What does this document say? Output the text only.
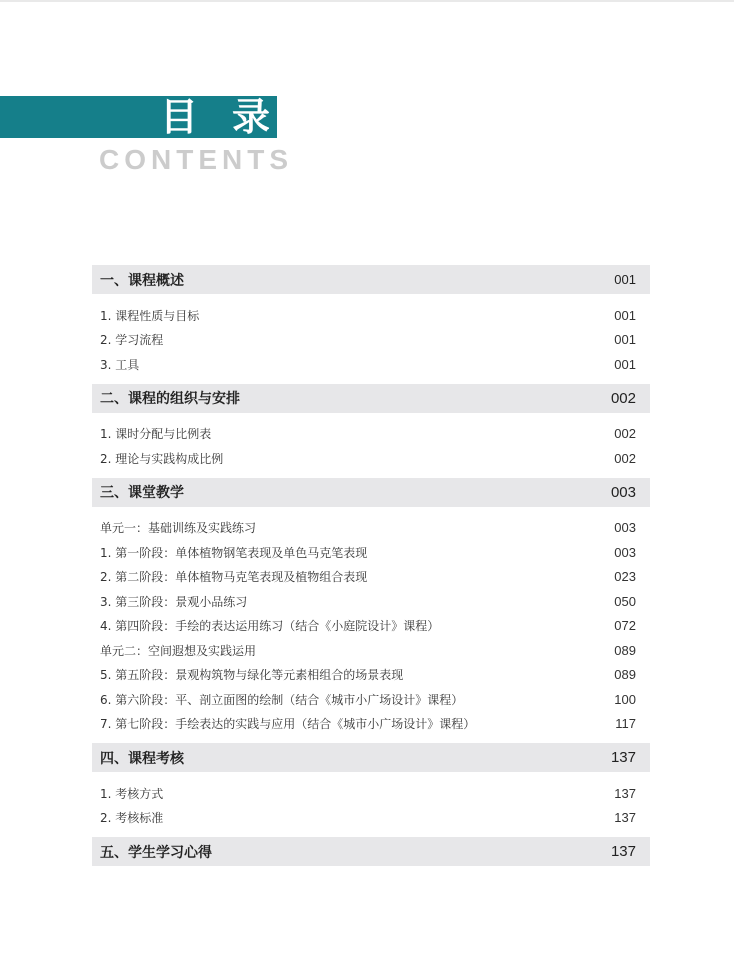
目录
CONTENTS
一、课程概述	001
1. 课程性质与目标	001
2. 学习流程	001
3. 工具	001
二、课程的组织与安排	002
1. 课时分配与比例表	002
2. 理论与实践构成比例	002
三、课堂教学	003
单元一：基础训练及实践练习	003
1. 第一阶段：单体植物钢笔表现及单色马克笔表现	003
2. 第二阶段：单体植物马克笔表现及植物组合表现	023
3. 第三阶段：景观小品练习	050
4. 第四阶段：手绘的表达运用练习（结合《小庭院设计》课程）	072
单元二：空间遐想及实践运用	089
5. 第五阶段：景观构筑物与绿化等元素相组合的场景表现	089
6. 第六阶段：平、剖立面图的绘制（结合《城市小广场设计》课程）	100
7. 第七阶段：手绘表达的实践与应用（结合《城市小广场设计》课程）	117
四、课程考核	137
1. 考核方式	137
2. 考核标准	137
五、学生学习心得	137
